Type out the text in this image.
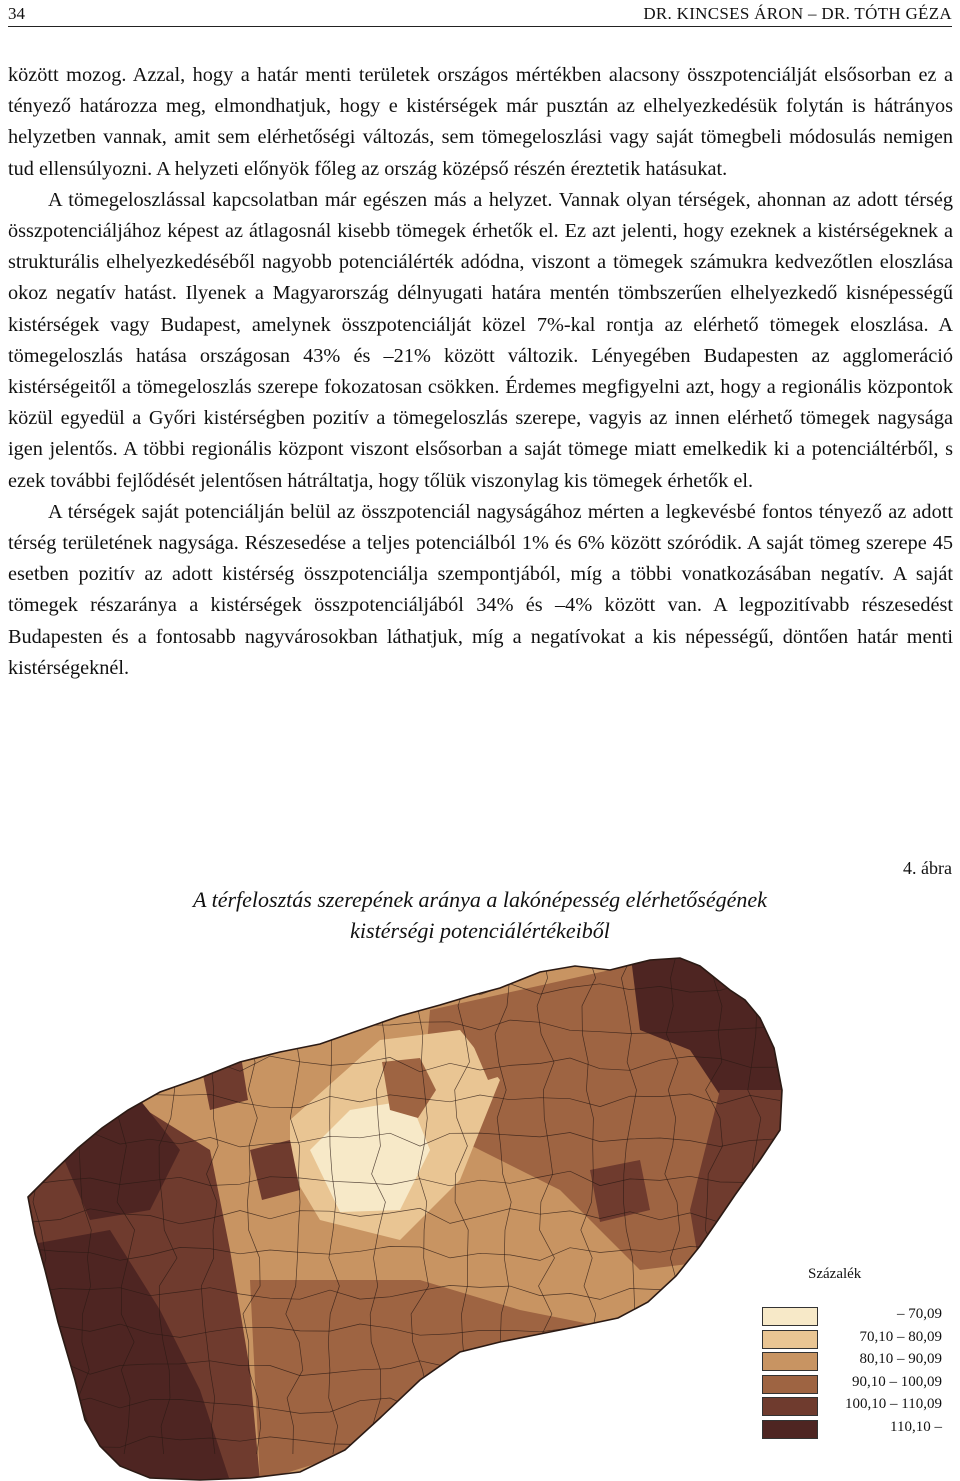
34	DR. KINCSES ÁRON – DR. TÓTH GÉZA

között mozog. Azzal, hogy a határ menti területek országos mértékben alacsony összpotenciálját elsősorban ez a tényező határozza meg, elmondhatjuk, hogy e kistérségek már pusztán az elhelyezkedésük folytán is hátrányos helyzetben vannak, amit sem elérhetőségi változás, sem tömegeloszlási vagy saját tömegbeli módosulás nemigen tud ellensúlyozni. A helyzeti előnyök főleg az ország középső részén éreztetik hatásukat.

A tömegeloszlással kapcsolatban már egészen más a helyzet. Vannak olyan térségek, ahonnan az adott térség összpotenciáljához képest az átlagosnál kisebb tömegek érhetők el. Ez azt jelenti, hogy ezeknek a kistérségeknek a strukturális elhelyezkedéséből nagyobb potenciálérték adódna, viszont a tömegek számukra kedvezőtlen eloszlása okoz negatív hatást. Ilyenek a Magyarország délnyugati határa mentén tömbszerűen elhelyezkedő kisnépességű kistérségek vagy Budapest, amelynek összpotenciálját közel 7%-kal rontja az elérhető tömegek eloszlása. A tömegeloszlás hatása országosan 43% és –21% között változik. Lényegében Budapesten az agglomeráció kistérségeitől a tömegeloszlás szerepe fokozatosan csökken. Érdemes megfigyelni azt, hogy a regionális központok közül egyedül a Győri kistérségben pozitív a tömegeloszlás szerepe, vagyis az innen elérhető tömegek nagysága igen jelentős. A többi regionális központ viszont elsősorban a saját tömege miatt emelkedik ki a potenciáltérből, s ezek további fejlődését jelentősen hátráltatja, hogy tőlük viszonylag kis tömegek érhetők el.

A térségek saját potenciálján belül az összpotenciál nagyságához mérten a legkevésbé fontos tényező az adott térség területének nagysága. Részesedése a teljes potenciálból 1% és 6% között szóródik. A saját tömeg szerepe 45 esetben pozitív az adott kistérség összpotenciálja szempontjából, míg a többi vonatkozásában negatív. A saját tömegek részaránya a kistérségek összpotenciáljából 34% és –4% között van. A legpozitívabb részesedést Budapesten és a fontosabb nagyvárosokban láthatjuk, míg a negatívokat a kis népességű, döntően határ menti kistérségeknél.

4. ábra
A térfelosztás szerepének aránya a lakónépesség elérhetőségének
kistérségi potenciálértékeiből
Százalék
– 70,09
70,10 – 80,09
80,10 – 90,09
90,10 – 100,09
100,10 – 110,09
110,10 –
